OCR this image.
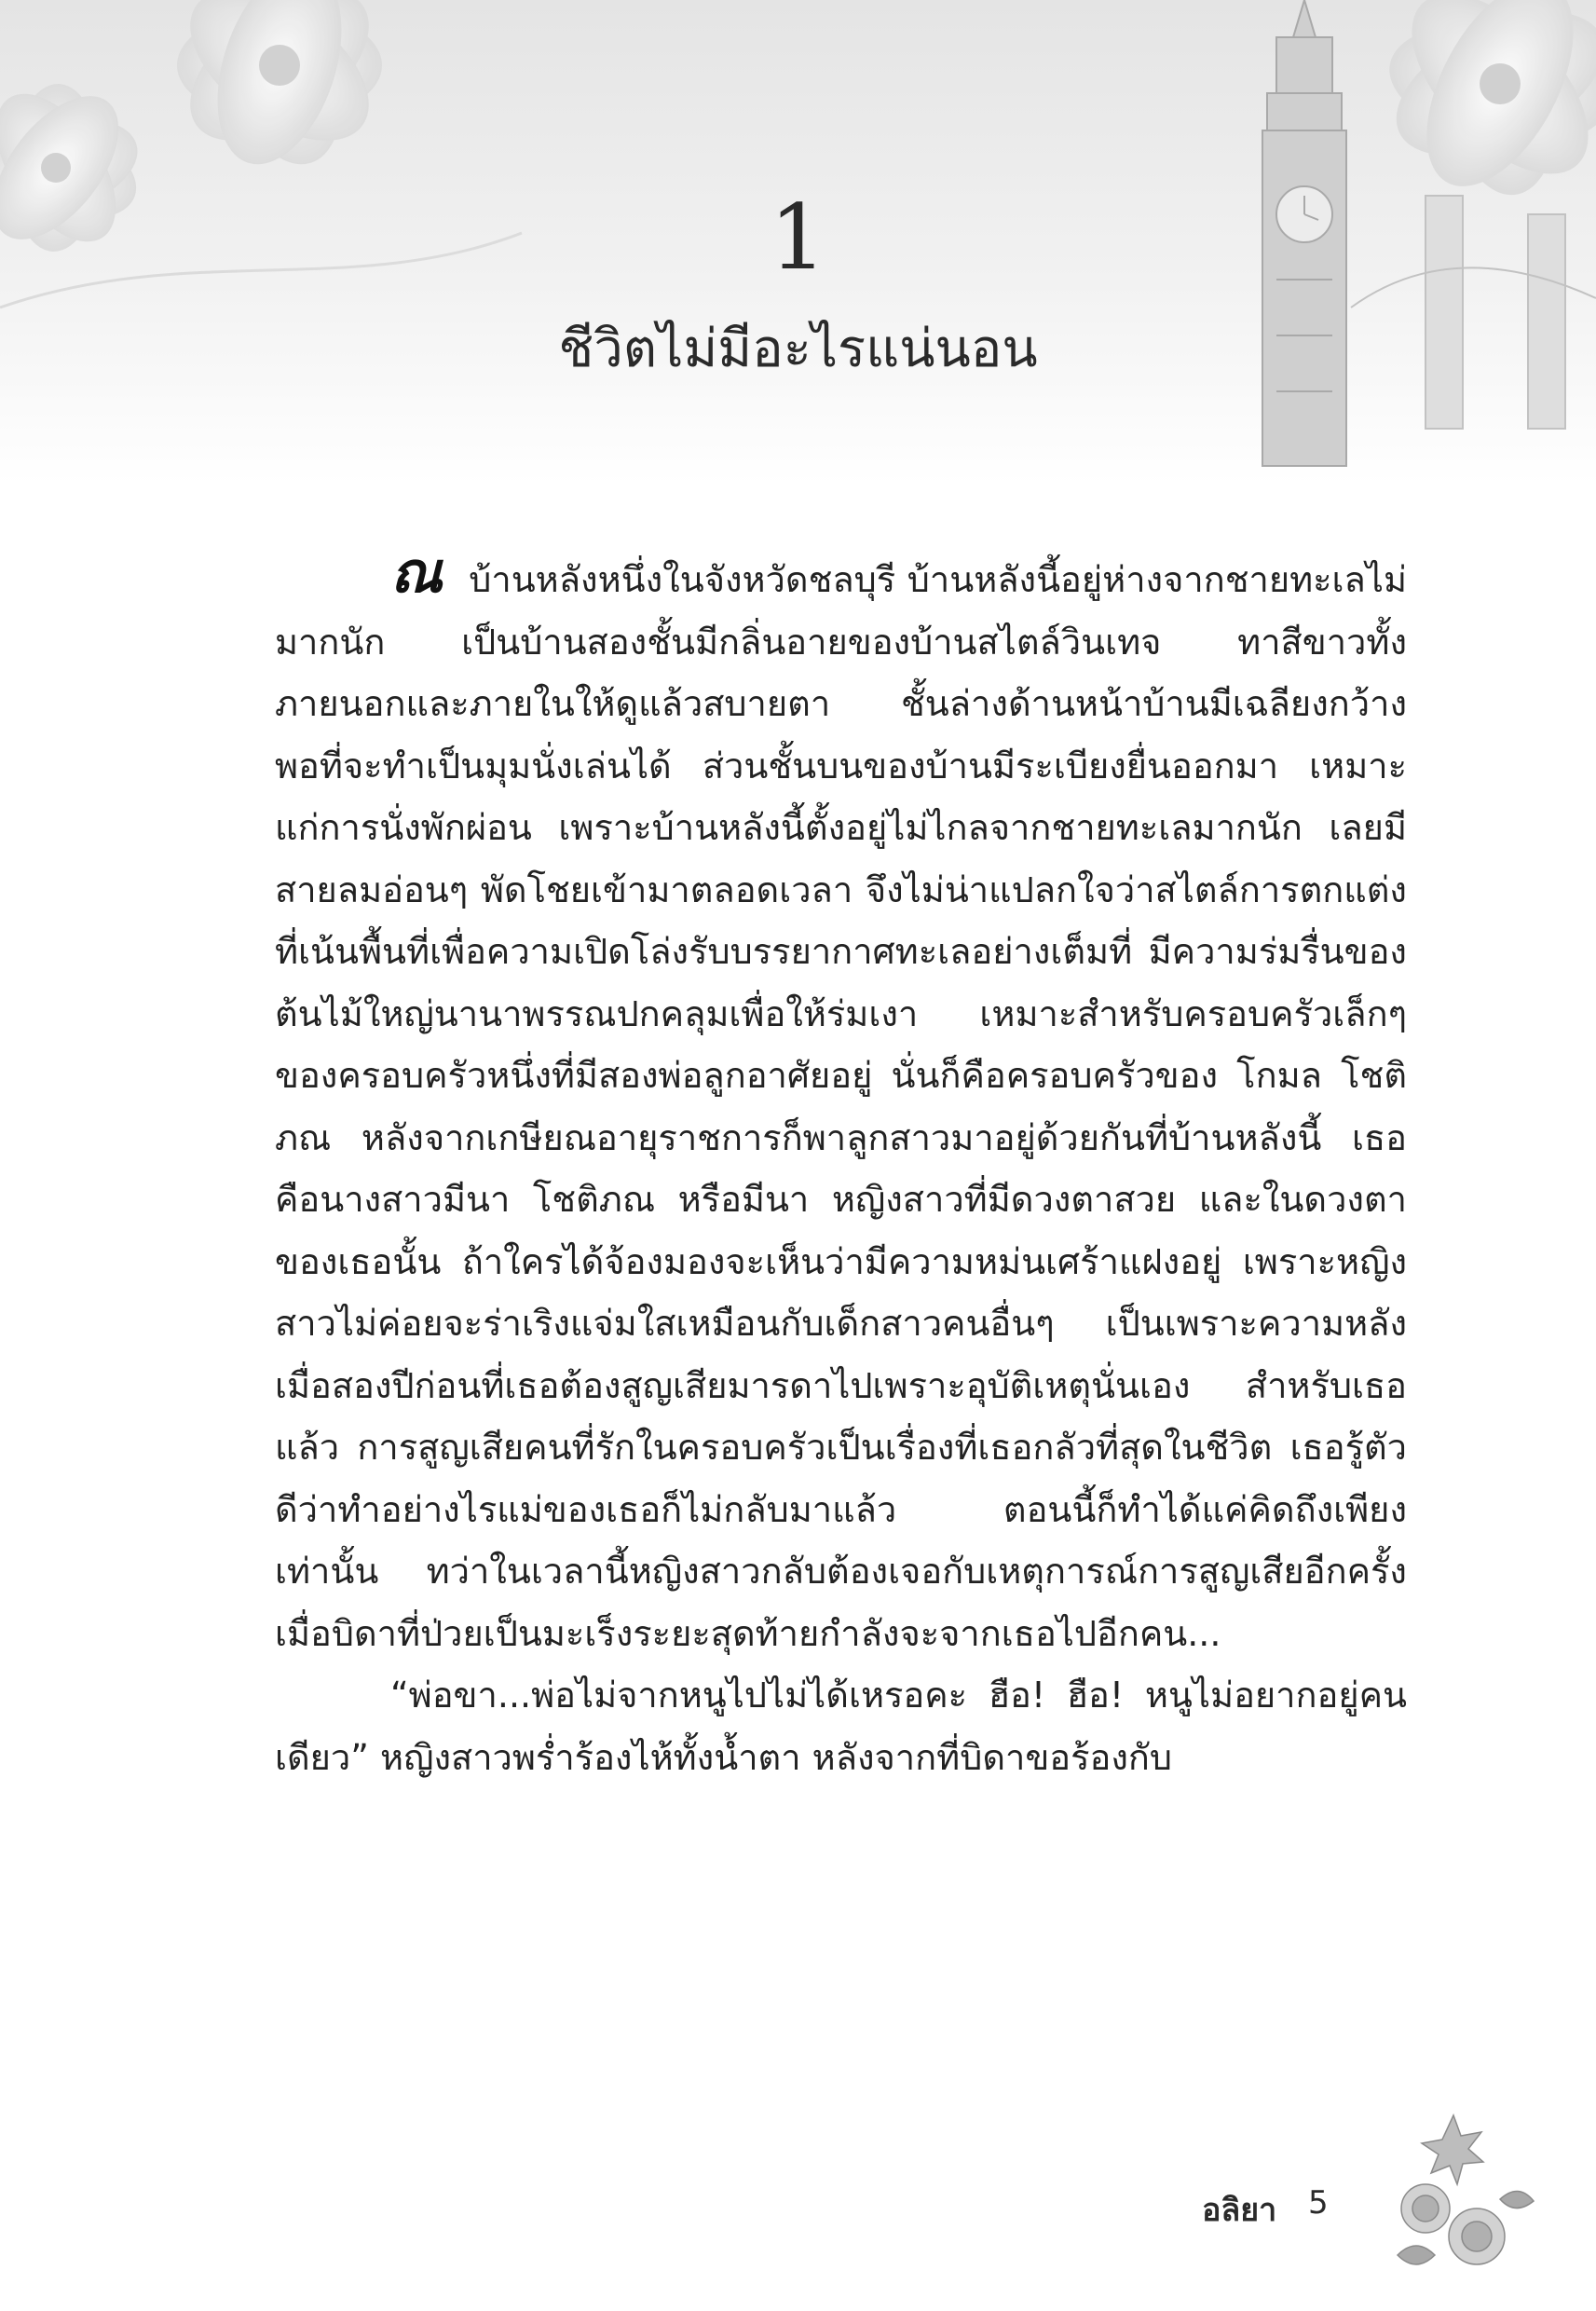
1
ชีวิตไม่มีอะไรแน่นอน

ณ บ้านหลังหนึ่งในจังหวัดชลบุรี บ้านหลังนี้อยู่ห่างจากชายทะเลไม่มากนัก เป็นบ้านสองชั้นมีกลิ่นอายของบ้านสไตล์วินเทจ ทาสีขาวทั้งภายนอกและภายในให้ดูแล้วสบายตา ชั้นล่างด้านหน้าบ้านมีเฉลียงกว้างพอที่จะทำเป็นมุมนั่งเล่นได้ ส่วนชั้นบนของบ้านมีระเบียงยื่นออกมา เหมาะแก่การนั่งพักผ่อน เพราะบ้านหลังนี้ตั้งอยู่ไม่ไกลจากชายทะเลมากนัก เลยมีสายลมอ่อนๆ พัดโชยเข้ามาตลอดเวลา จึงไม่น่าแปลกใจว่าสไตล์การตกแต่งที่เน้นพื้นที่เพื่อความเปิดโล่งรับบรรยากาศทะเลอย่างเต็มที่ มีความร่มรื่นของต้นไม้ใหญ่นานาพรรณปกคลุมเพื่อให้ร่มเงา เหมาะสำหรับครอบครัวเล็กๆ ของครอบครัวหนึ่งที่มีสองพ่อลูกอาศัยอยู่ นั่นก็คือครอบครัวของ โกมล โชติภณ หลังจากเกษียณอายุราชการก็พาลูกสาวมาอยู่ด้วยกันที่บ้านหลังนี้ เธอคือนางสาวมีนา โชติภณ หรือมีนา หญิงสาวที่มีดวงตาสวย และในดวงตาของเธอนั้น ถ้าใครได้จ้องมองจะเห็นว่ามีความหม่นเศร้าแฝงอยู่ เพราะหญิงสาวไม่ค่อยจะร่าเริงแจ่มใสเหมือนกับเด็กสาวคนอื่นๆ เป็นเพราะความหลังเมื่อสองปีก่อนที่เธอต้องสูญเสียมารดาไปเพราะอุบัติเหตุนั่นเอง สำหรับเธอแล้ว การสูญเสียคนที่รักในครอบครัวเป็นเรื่องที่เธอกลัวที่สุดในชีวิต เธอรู้ตัวดีว่าทำอย่างไรแม่ของเธอก็ไม่กลับมาแล้ว ตอนนี้ก็ทำได้แค่คิดถึงเพียงเท่านั้น ทว่าในเวลานี้หญิงสาวกลับต้องเจอกับเหตุการณ์การสูญเสียอีกครั้ง เมื่อบิดาที่ป่วยเป็นมะเร็งระยะสุดท้ายกำลังจะจากเธอไปอีกคน...

“พ่อขา...พ่อไม่จากหนูไปไม่ได้เหรอคะ ฮือ! ฮือ! หนูไม่อยากอยู่คนเดียว” หญิงสาวพร่ำร้องไห้ทั้งน้ำตา หลังจากที่บิดาขอร้องกับ

อลิยา 5
